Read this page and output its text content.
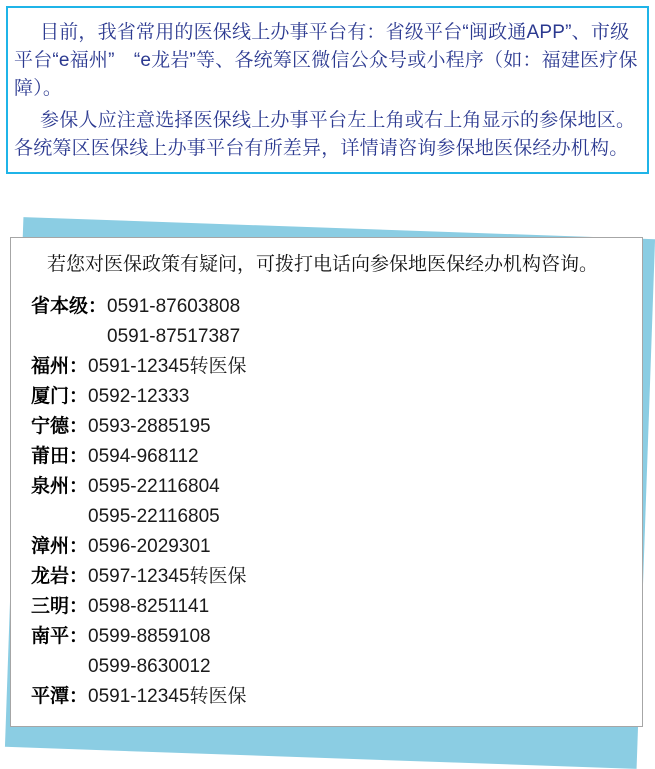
目前，我省常用的医保线上办事平台有：省级平台“闽政通APP”、市级平台“e福州”　“e龙岩”等、各统筹区微信公众号或小程序（如：福建医疗保障）。

参保人应注意选择医保线上办事平台左上角或右上角显示的参保地区。各统筹区医保线上办事平台有所差异，详情请咨询参保地医保经办机构。

若您对医保政策有疑问，可拨打电话向参保地医保经办机构咨询。

省本级： 0591-87603808
0591-87517387
福州： 0591-12345转医保
厦门： 0592-12333
宁德： 0593-2885195
莆田： 0594-968112
泉州： 0595-22116804
0595-22116805
漳州： 0596-2029301
龙岩： 0597-12345转医保
三明： 0598-8251141
南平： 0599-8859108
0599-8630012
平潭： 0591-12345转医保
